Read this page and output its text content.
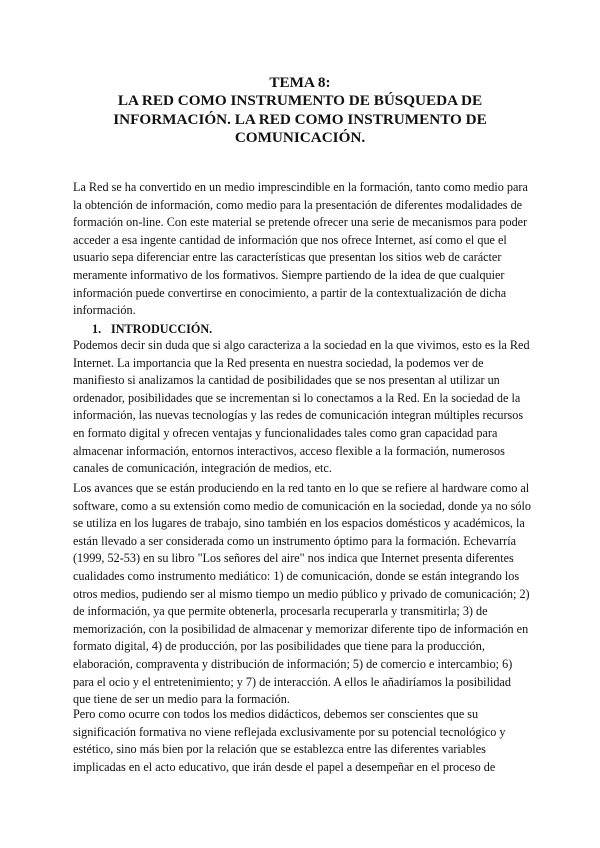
TEMA 8:
LA RED COMO INSTRUMENTO DE BÚSQUEDA DE
INFORMACIÓN. LA RED COMO INSTRUMENTO DE
COMUNICACIÓN.
La Red se ha convertido en un medio imprescindible en la formación, tanto como medio para
la obtención de información, como medio para la presentación de diferentes modalidades de
formación on-line. Con este material se pretende ofrecer una serie de mecanismos para poder
acceder a esa ingente cantidad de información que nos ofrece Internet, así como el que el
usuario sepa diferenciar entre las características que presentan los sitios web de carácter
meramente informativo de los formativos. Siempre partiendo de la idea de que cualquier
información puede convertirse en conocimiento, a partir de la contextualización de dicha
información.
1. INTRODUCCIÓN.
Podemos decir sin duda que si algo caracteriza a la sociedad en la que vivimos, esto es la Red
Internet. La importancia que la Red presenta en nuestra sociedad, la podemos ver de
manifiesto si analizamos la cantidad de posibilidades que se nos presentan al utilizar un
ordenador, posibilidades que se incrementan si lo conectamos a la Red. En la sociedad de la
información, las nuevas tecnologías y las redes de comunicación integran múltiples recursos
en formato digital y ofrecen ventajas y funcionalidades tales como gran capacidad para
almacenar información, entornos interactivos, acceso flexible a la formación, numerosos
canales de comunicación, integración de medios, etc.
Los avances que se están produciendo en la red tanto en lo que se refiere al hardware como al
software, como a su extensión como medio de comunicación en la sociedad, donde ya no sólo
se utiliza en los lugares de trabajo, sino también en los espacios domésticos y académicos, la
están llevado a ser considerada como un instrumento óptimo para la formación. Echevarría
(1999, 52-53) en su libro "Los señores del aire" nos indica que Internet presenta diferentes
cualidades como instrumento mediático: 1) de comunicación, donde se están integrando los
otros medios, pudiendo ser al mismo tiempo un medio público y privado de comunicación; 2)
de información, ya que permite obtenerla, procesarla recuperarla y transmitirla; 3) de
memorización, con la posibilidad de almacenar y memorizar diferente tipo de información en
formato digital, 4) de producción, por las posibilidades que tiene para la producción,
elaboración, compraventa y distribución de información; 5) de comercio e intercambio; 6)
para el ocio y el entretenimiento; y 7) de interacción. A ellos le añadiríamos la posibilidad
que tiene de ser un medio para la formación.
Pero como ocurre con todos los medios didácticos, debemos ser conscientes que su
significación formativa no viene reflejada exclusivamente por su potencial tecnológico y
estético, sino más bien por la relación que se establezca entre las diferentes variables
implicadas en el acto educativo, que irán desde el papel a desempeñar en el proceso de
